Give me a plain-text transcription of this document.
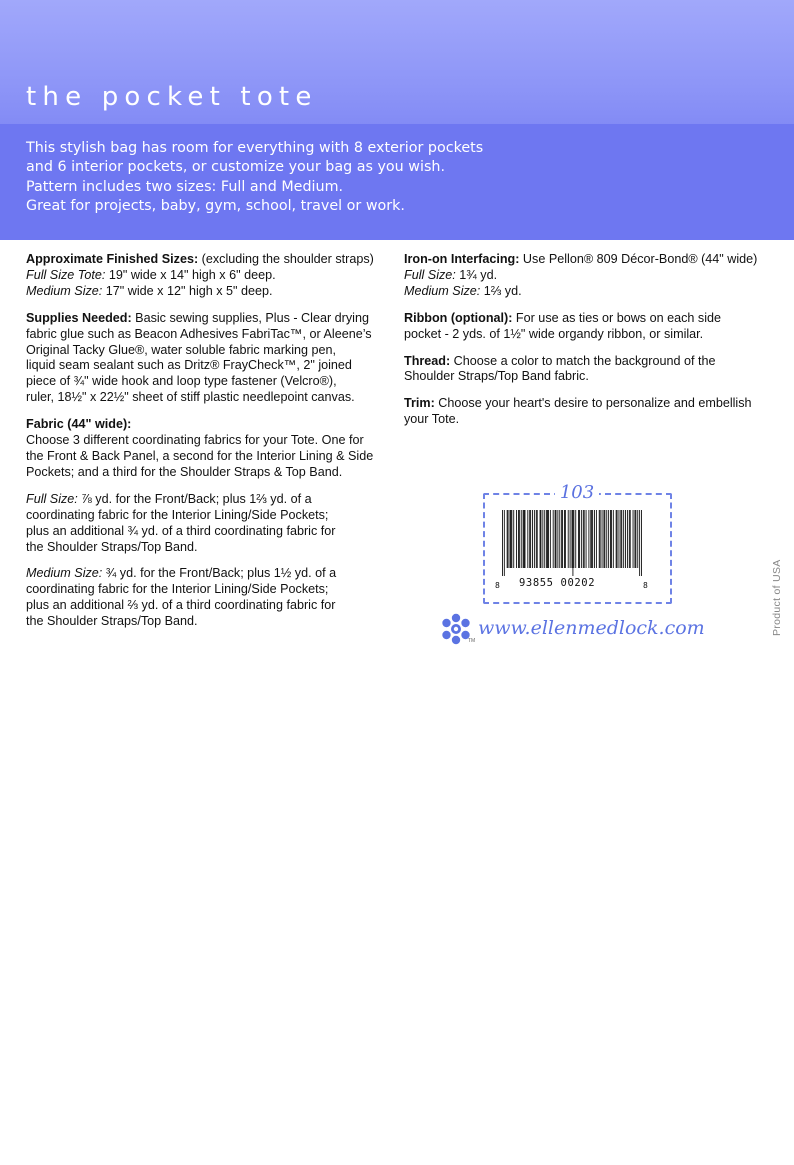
the pocket tote
This stylish bag has room for everything with 8 exterior pockets
and 6 interior pockets, or customize your bag as you wish.
Pattern includes two sizes: Full and Medium.
Great for projects, baby, gym, school, travel or work.
Approximate Finished Sizes: (excluding the shoulder straps)
Full Size Tote: 19" wide x 14" high x 6" deep.
Medium Size: 17" wide x 12" high x 5" deep.
Supplies Needed: Basic sewing supplies, Plus - Clear drying
fabric glue such as Beacon Adhesives FabriTac™, or Aleene’s
Original Tacky Glue®, water soluble fabric marking pen,
liquid seam sealant such as Dritz® FrayCheck™, 2" joined
piece of ¾" wide hook and loop type fastener (Velcro®),
ruler, 18½" x 22½" sheet of stiff plastic needlepoint canvas.
Fabric (44" wide):
Choose 3 different coordinating fabrics for your Tote. One for
the Front & Back Panel, a second for the Interior Lining & Side
Pockets; and a third for the Shoulder Straps & Top Band.
Full Size: ⅞ yd. for the Front/Back; plus 1⅔ yd. of a
coordinating fabric for the Interior Lining/Side Pockets;
plus an additional ¾ yd. of a third coordinating fabric for
the Shoulder Straps/Top Band.
Medium Size: ¾ yd. for the Front/Back; plus 1½ yd. of a
coordinating fabric for the Interior Lining/Side Pockets;
plus an additional ⅔ yd. of a third coordinating fabric for
the Shoulder Straps/Top Band.
Iron-on Interfacing: Use Pellon® 809 Décor-Bond® (44" wide)
Full Size: 1¾ yd.
Medium Size: 1⅔ yd.
Ribbon (optional): For use as ties or bows on each side
pocket - 2 yds. of 1½" wide organdy ribbon, or similar.
Thread: Choose a color to match the background of the
Shoulder Straps/Top Band fabric.
Trim: Choose your heart's desire to personalize and embellish
your Tote.
103
8 93855 00202	8
TM
www.ellenmedlock.com	Product of USA
